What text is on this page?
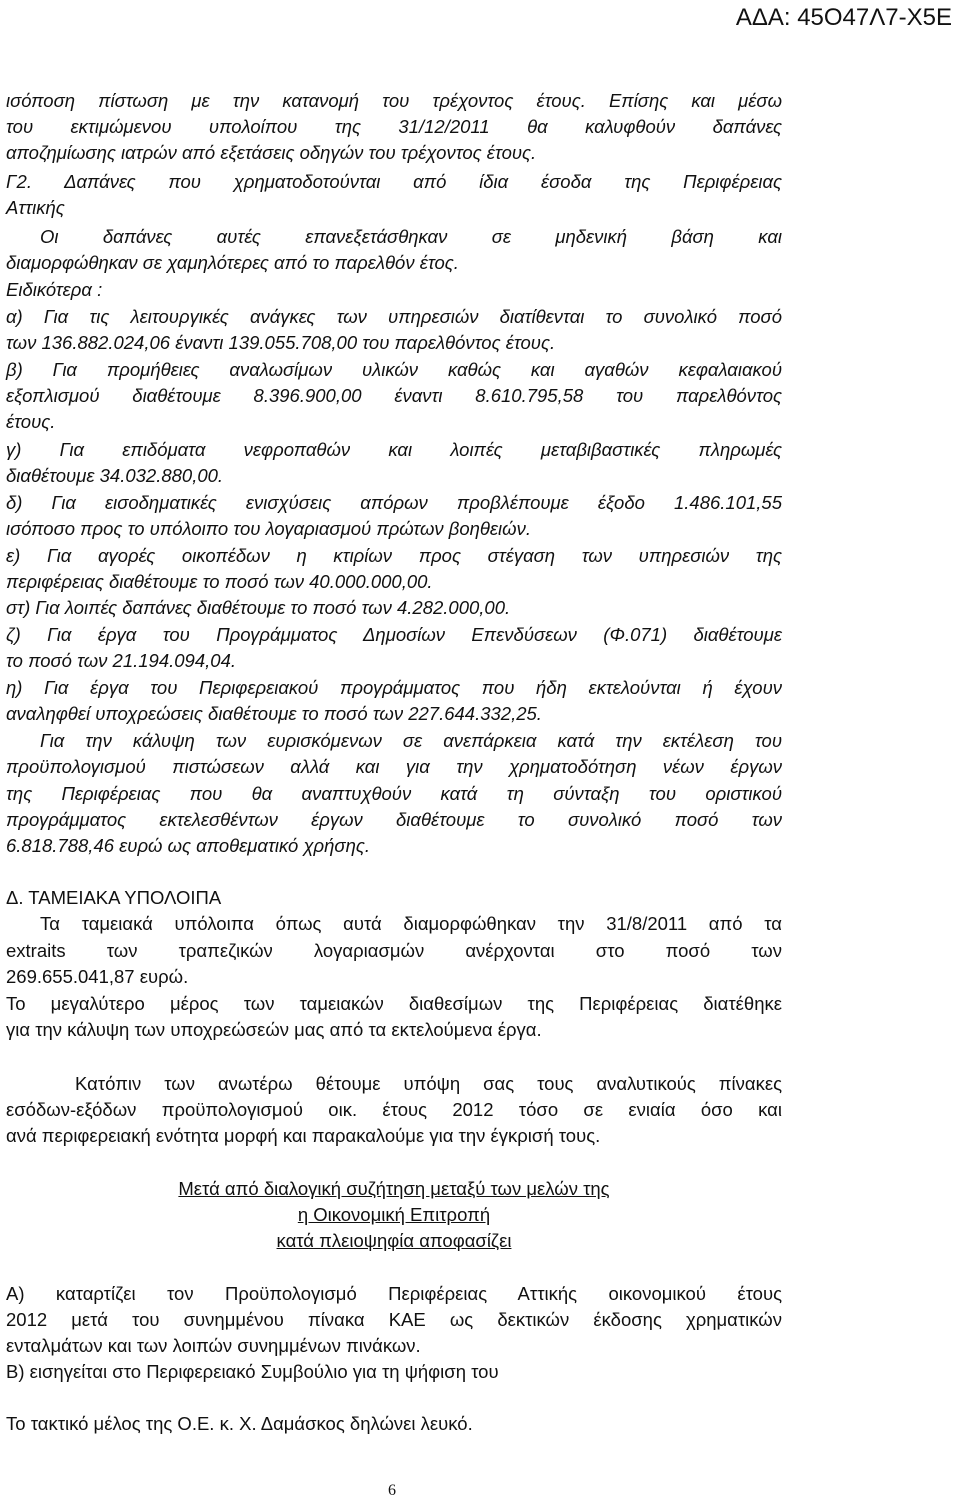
ΑΔΑ: 45Ο47Λ7-Χ5Ε
ισόποση πίστωση με την κατανομή του τρέχοντος έτους. Επίσης και μέσω
του εκτιμώμενου υπολοίπου της 31/12/2011 θα καλυφθούν δαπάνες
αποζημίωσης ιατρών από εξετάσεις οδηγών του τρέχοντος έτους.
Γ2. Δαπάνες που χρηματοδοτούνται από ίδια έσοδα της Περιφέρειας
Αττικής
Οι δαπάνες αυτές επανεξετάσθηκαν σε μηδενική βάση και
διαμορφώθηκαν σε χαμηλότερες από το παρελθόν έτος.
Ειδικότερα :
α) Για τις λειτουργικές ανάγκες των υπηρεσιών διατίθενται το συνολικό ποσό
των 136.882.024,06 έναντι 139.055.708,00 του παρελθόντος έτους.
β) Για προμήθειες αναλωσίμων υλικών καθώς και αγαθών κεφαλαιακού
εξοπλισμού διαθέτουμε 8.396.900,00 έναντι 8.610.795,58 του παρελθόντος
έτους.
γ) Για επιδόματα νεφροπαθών και λοιπές μεταβιβαστικές πληρωμές
διαθέτουμε 34.032.880,00.
δ) Για εισοδηματικές ενισχύσεις απόρων προβλέπουμε έξοδο 1.486.101,55
ισόποσο προς το υπόλοιπο του λογαριασμού πρώτων βοηθειών.
ε) Για αγορές οικοπέδων η κτιρίων προς στέγαση των υπηρεσιών της
περιφέρειας διαθέτουμε το ποσό των 40.000.000,00.
στ) Για λοιπές δαπάνες διαθέτουμε το ποσό των 4.282.000,00.
ζ) Για έργα του Προγράμματος Δημοσίων Επενδύσεων (Φ.071) διαθέτουμε
το ποσό των 21.194.094,04.
η) Για έργα του Περιφερειακού προγράμματος που ήδη εκτελούνται ή έχουν
αναληφθεί υποχρεώσεις διαθέτουμε το ποσό των 227.644.332,25.
Για την κάλυψη των ευρισκόμενων σε ανεπάρκεια κατά την εκτέλεση του
προϋπολογισμού πιστώσεων αλλά και για την χρηματοδότηση νέων έργων
της Περιφέρειας που θα αναπτυχθούν κατά τη σύνταξη του οριστικού
προγράμματος εκτελεσθέντων έργων διαθέτουμε το συνολικό ποσό των
6.818.788,46 ευρώ ως αποθεματικό χρήσης.
Δ. ΤΑΜΕΙΑΚΑ ΥΠΟΛΟΙΠΑ
Τα ταμειακά υπόλοιπα όπως αυτά διαμορφώθηκαν την 31/8/2011 από τα
extraits των τραπεζικών λογαριασμών ανέρχονται στο ποσό των
269.655.041,87 ευρώ.
Το μεγαλύτερο μέρος των ταμειακών διαθεσίμων της Περιφέρειας διατέθηκε
για την κάλυψη των υποχρεώσεών μας από τα εκτελούμενα έργα.
Κατόπιν των ανωτέρω θέτουμε υπόψη σας τους αναλυτικούς πίνακες
εσόδων-εξόδων προϋπολογισμού οικ. έτους 2012 τόσο σε ενιαία όσο και
ανά περιφερειακή ενότητα μορφή και παρακαλούμε για την έγκρισή τους.
Μετά από διαλογική συζήτηση μεταξύ των μελών της
η Οικονομική Επιτροπή
κατά πλειοψηφία αποφασίζει
Α) καταρτίζει τον Προϋπολογισμό Περιφέρειας Αττικής οικονομικού έτους
2012 μετά του συνημμένου πίνακα ΚΑΕ ως δεκτικών έκδοσης χρηματικών
ενταλμάτων και των λοιπών συνημμένων πινάκων.
Β) εισηγείται στο Περιφερειακό Συμβούλιο για τη ψήφιση του
Το τακτικό μέλος της Ο.Ε. κ. Χ. Δαμάσκος δηλώνει λευκό.
6
